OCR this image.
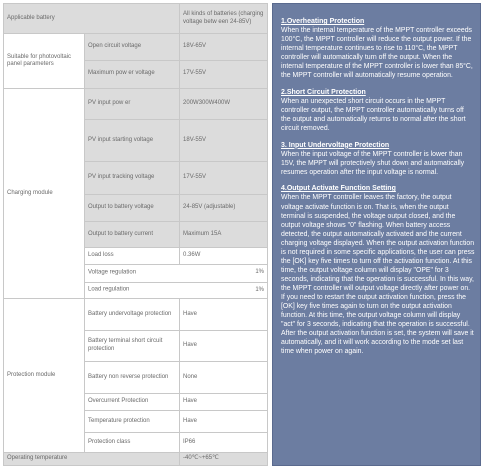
Applicable battery		All kinds of batteries (charging voltage betw een 24-85V)
Suitable for photovoltaic panel parameters	Open circuit voltage	18V-65V
	Maximum pow er voltage	17V-55V
Charging module	PV input pow er	200W300W400W
	PV input starting voltage	18V-55V
	PV input tracking voltage	17V-55V
	Output to battery voltage	24-85V (adjustable)
	Output to battery current	Maximum 15A
	Load loss	0.36W

	Voltage regulation 1%	

	Load regulation 1%	
Protection module	Battery undervoltage protection	Have
	Battery terminal short circuit protection	Have
	Battery non reverse protection	None
	Overcurrent Protection	Have
	Temperature protection	Have
	Protection class	IP66
Operating temperature		-40℃~+65℃
1.Overheating Protection

When the internal temperature of the MPPT controller exceeds 100°C, the MPPT controller will reduce the output power. If the internal temperature continues to rise to 110°C, the MPPT controller will automatically turn off the output. When the internal temperature of the MPPT controller is lower than 85°C, the MPPT controller will automatically resume operation.

2.Short Circuit Protection

When an unexpected short circuit occurs in the MPPT controller output, the MPPT controller automatically turns off the output and automatically returns to normal after the short circuit removed.

3. Input Undervoltage Protection

When the input voltage of the MPPT controller is lower than 15V, the MPPT will protectively shut down and automatically resumes operation after the input voltage is normal.

4.Output Activate Function Setting

When the MPPT controller leaves the factory, the output voltage activate function is on. That is, when the output terminal is suspended, the voltage output closed, and the output voltage shows "0" flashing. When battery access detected, the output automatically activated and the current charging voltage displayed. When the output activation function is not required in some specific applications, the user can press the [OK] key five times to turn off the activation function. At this time, the output voltage column will display "OPE" for 3 seconds, indicating that the operation is successful. In this way, the MPPT controller will output voltage directly after power on. If you need to restart the output activation function, press the [OK] key five times again to turn on the output activation function. At this time, the output voltage column will display "act" for 3 seconds, indicating that the operation is successful. After the output activation function is set, the system will save it automatically, and it will work according to the mode set last time when power on again.
